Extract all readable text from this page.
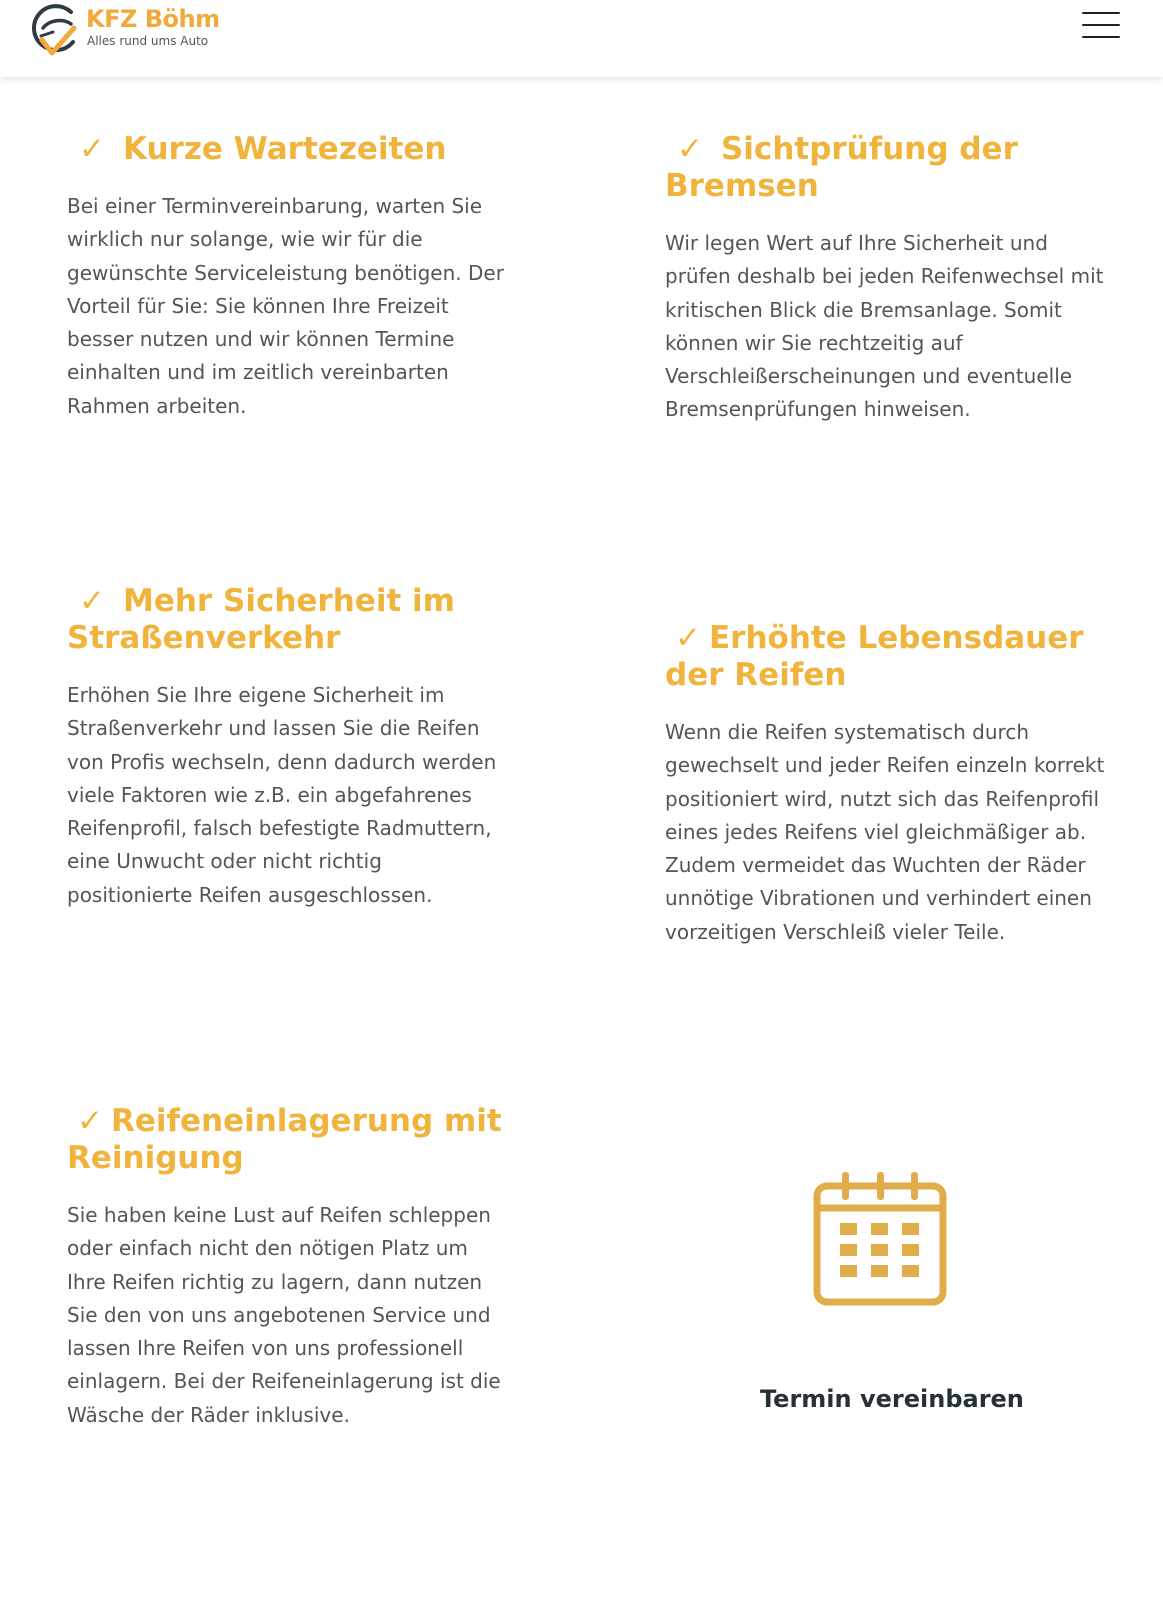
KFZ Böhm
Alles rund ums Auto
✓ Kurze Wartezeiten

Bei einer Terminvereinbarung, warten Sie wirklich nur solange, wie wir für die gewünschte Serviceleistung benötigen. Der Vorteil für Sie: Sie können Ihre Freizeit besser nutzen und wir können Termine einhalten und im zeitlich vereinbarten Rahmen arbeiten.

✓ Sichtprüfung der Bremsen

Wir legen Wert auf Ihre Sicherheit und prüfen deshalb bei jeden Reifenwechsel mit kritischen Blick die Bremsanlage. Somit können wir Sie rechtzeitig auf Verschleißerscheinungen und eventuelle Bremsenprüfungen hinweisen.

✓ Mehr Sicherheit im Straßenverkehr

Erhöhen Sie Ihre eigene Sicherheit im Straßenverkehr und lassen Sie die Reifen von Profis wechseln, denn dadurch werden viele Faktoren wie z.B. ein abgefahrenes Reifenprofil, falsch befestigte Radmuttern, eine Unwucht oder nicht richtig positionierte Reifen ausgeschlossen.

✓ Erhöhte Lebensdauer der Reifen

Wenn die Reifen systematisch durch gewechselt und jeder Reifen einzeln korrekt positioniert wird, nutzt sich das Reifenprofil eines jedes Reifens viel gleichmäßiger ab. Zudem vermeidet das Wuchten der Räder unnötige Vibrationen und verhindert einen vorzeitigen Verschleiß vieler Teile.

✓ Reifeneinlagerung mit Reinigung

Sie haben keine Lust auf Reifen schleppen oder einfach nicht den nötigen Platz um Ihre Reifen richtig zu lagern, dann nutzen Sie den von uns angebotenen Service und lassen Ihre Reifen von uns professionell einlagern. Bei der Reifeneinlagerung ist die Wäsche der Räder inklusive.

Termin vereinbaren
